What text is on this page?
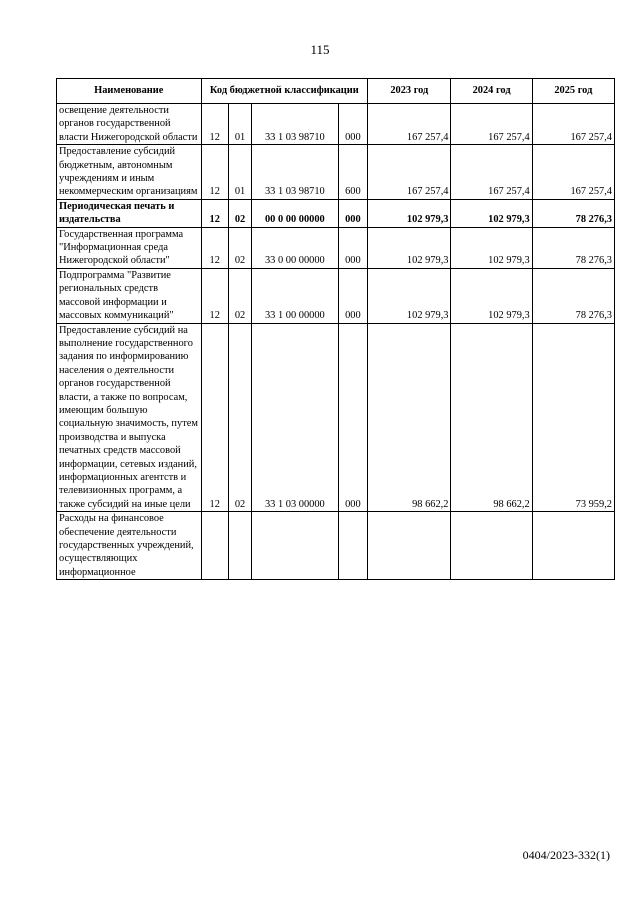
115
Наименование	Код бюджетной классификации				2023 год	2024 год	2025 год
освещение деятельности органов государственной власти Нижегородской области	12	01	33 1 03 98710	000	167 257,4	167 257,4	167 257,4
Предоставление субсидий бюджетным, автономным учреждениям и иным некоммерческим организациям	12	01	33 1 03 98710	600	167 257,4	167 257,4	167 257,4
Периодическая печать и издательства	12	02	00 0 00 00000	000	102 979,3	102 979,3	78 276,3
Государственная программа "Информационная среда Нижегородской области"	12	02	33 0 00 00000	000	102 979,3	102 979,3	78 276,3
Подпрограмма "Развитие региональных средств массовой информации и массовых коммуникаций"	12	02	33 1 00 00000	000	102 979,3	102 979,3	78 276,3
Предоставление субсидий на выполнение государственного задания по информированию населения о деятельности органов государственной власти, а также по вопросам, имеющим большую социальную значимость, путем производства и выпуска печатных средств массовой информации, сетевых изданий, информационных агентств и телевизионных программ, а также субсидий на иные цели	12	02	33 1 03 00000	000	98 662,2	98 662,2	73 959,2
Расходы на финансовое обеспечение деятельности государственных учреждений, осуществляющих информационное							
0404/2023-332(1)
